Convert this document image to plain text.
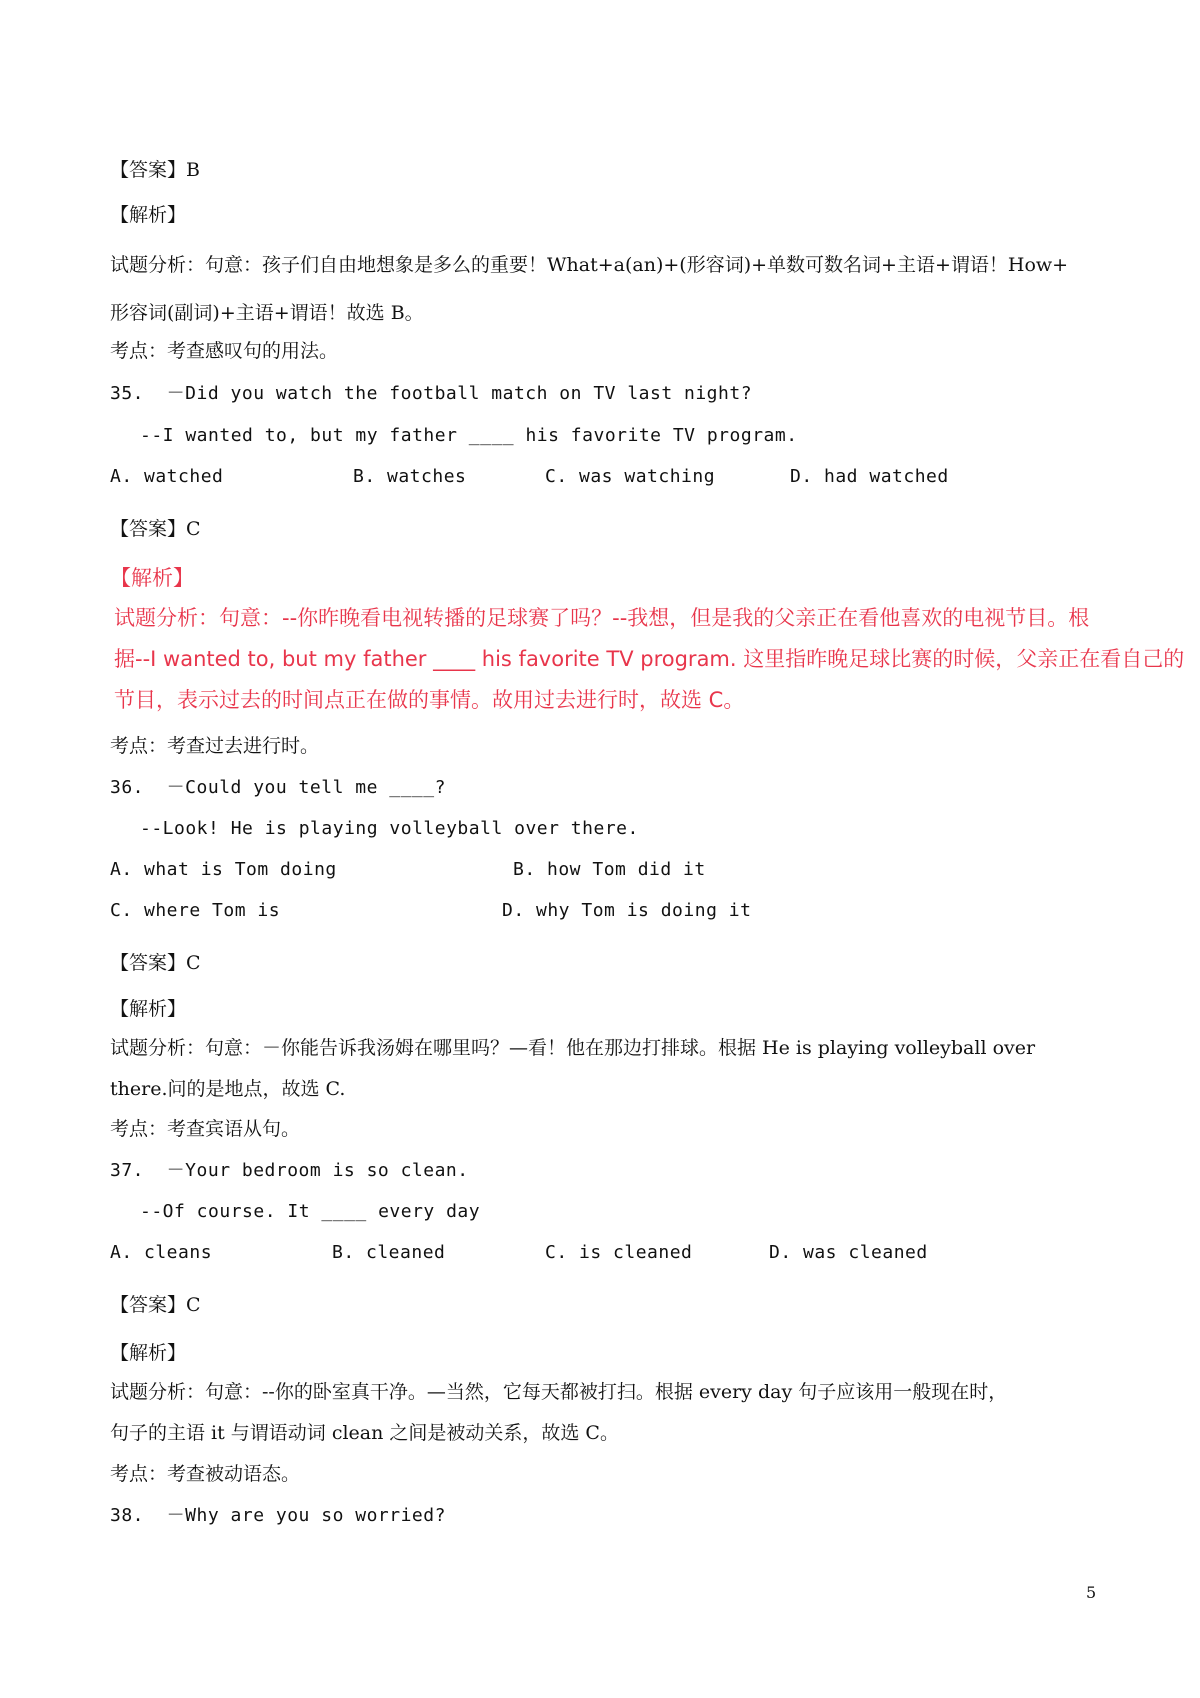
【答案】B
【解析】
试题分析：句意：孩子们自由地想象是多么的重要！What+a(an)+(形容词)+单数可数名词+主语+谓语！How+
形容词(副词)+主语+谓语！故选 B。
考点：考查感叹句的用法。
35.  －Did you watch the football match on TV last night?
--I wanted to, but my father ____ his favorite TV program.
A. watched	B. watches	C. was watching	D. had watched
【答案】C
【解析】
试题分析：句意：--你昨晚看电视转播的足球赛了吗？--我想，但是我的父亲正在看他喜欢的电视节目。根
据--I wanted to, but my father ____ his favorite TV program. 这里指昨晚足球比赛的时候，父亲正在看自己的
节目，表示过去的时间点正在做的事情。故用过去进行时，故选 C。
考点：考查过去进行时。
36.  －Could you tell me ____?
--Look! He is playing volleyball over there.
A. what is Tom doing	B. how Tom did it
C. where Tom is	D. why Tom is doing it
【答案】C
【解析】
试题分析：句意：－你能告诉我汤姆在哪里吗？—看！他在那边打排球。根据 He is playing volleyball over
there.问的是地点，故选 C.
考点：考查宾语从句。
37.  －Your bedroom is so clean.
--Of course. It ____ every day
A. cleans	B. cleaned	C. is cleaned	D. was cleaned
【答案】C
【解析】
试题分析：句意：--你的卧室真干净。—当然，它每天都被打扫。根据 every day 句子应该用一般现在时，
句子的主语 it 与谓语动词 clean 之间是被动关系，故选 C。
考点：考查被动语态。
38.  －Why are you so worried?
5
